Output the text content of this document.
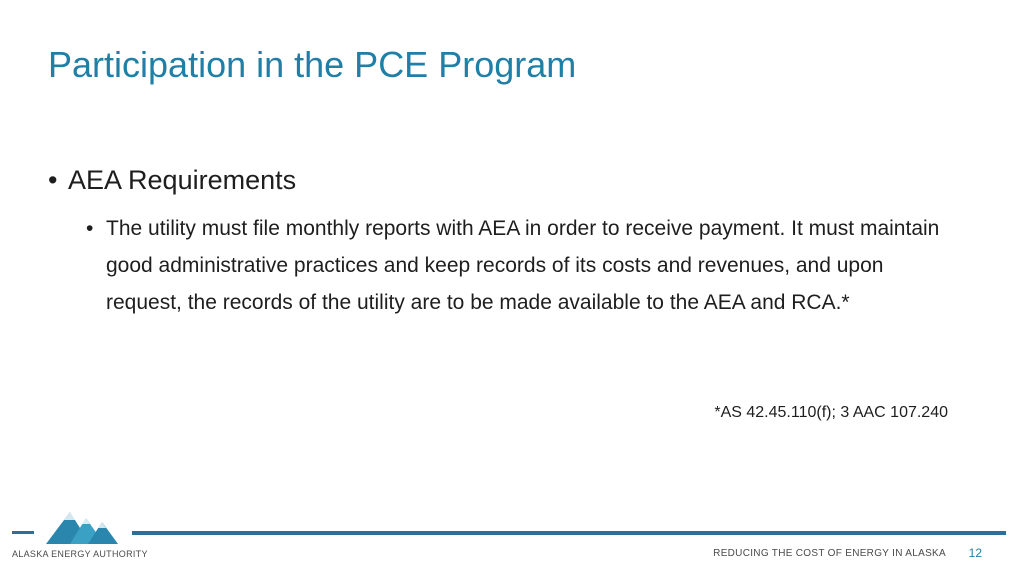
Participation in the PCE Program
• AEA Requirements
• The utility must file monthly reports with AEA in order to receive payment. It must maintain good administrative practices and keep records of its costs and revenues, and upon request, the records of the utility are to be made available to the AEA and RCA.*
*AS 42.45.110(f); 3 AAC 107.240
ALASKA ENERGY AUTHORITY	REDUCING THE COST OF ENERGY IN ALASKA 12
